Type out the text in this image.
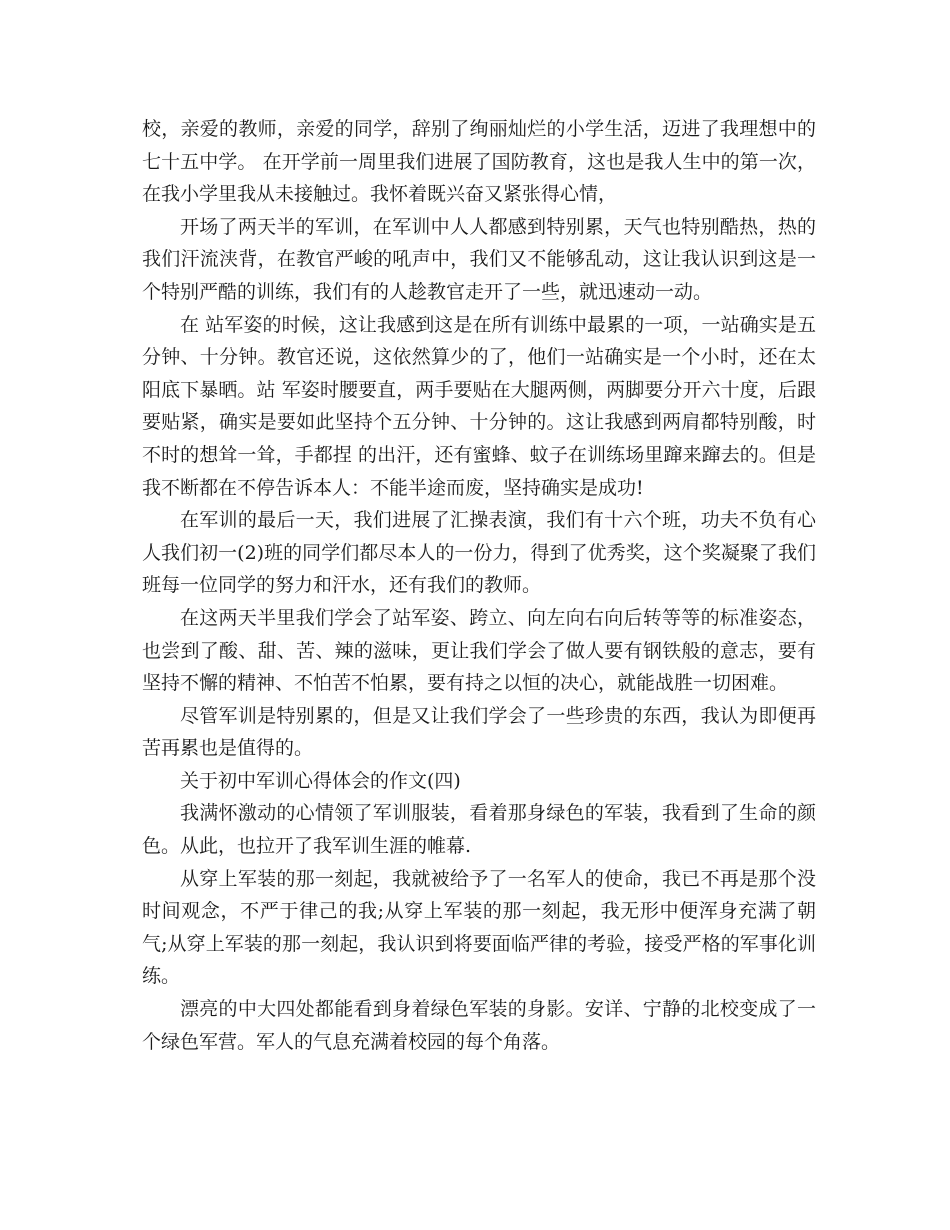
校，亲爱的教师，亲爱的同学，辞别了绚丽灿烂的小学生活，迈进了我理想中的七十五中学。 在开学前一周里我们进展了国防教育，这也是我人生中的第一次，在我小学里我从未接触过。我怀着既兴奋又紧张得心情，

开场了两天半的军训，在军训中人人都感到特别累，天气也特别酷热，热的我们汗流浃背，在教官严峻的吼声中，我们又不能够乱动，这让我认识到这是一个特别严酷的训练，我们有的人趁教官走开了一些，就迅速动一动。

在 站军姿的时候，这让我感到这是在所有训练中最累的一项，一站确实是五分钟、十分钟。教官还说，这依然算少的了，他们一站确实是一个小时，还在太阳底下暴晒。站 军姿时腰要直，两手要贴在大腿两侧，两脚要分开六十度，后跟要贴紧，确实是要如此坚持个五分钟、十分钟的。这让我感到两肩都特别酸，时不时的想耸一耸，手都捏 的出汗，还有蜜蜂、蚊子在训练场里蹿来蹿去的。但是我不断都在不停告诉本人：不能半途而废，坚持确实是成功!

在军训的最后一天，我们进展了汇操表演，我们有十六个班，功夫不负有心人我们初一(2)班的同学们都尽本人的一份力，得到了优秀奖，这个奖凝聚了我们班每一位同学的努力和汗水，还有我们的教师。

在这两天半里我们学会了站军姿、跨立、向左向右向后转等等的标准姿态，也尝到了酸、甜、苦、辣的滋味，更让我们学会了做人要有钢铁般的意志，要有坚持不懈的精神、不怕苦不怕累，要有持之以恒的决心，就能战胜一切困难。

尽管军训是特别累的，但是又让我们学会了一些珍贵的东西，我认为即便再苦再累也是值得的。

关于初中军训心得体会的作文(四)

我满怀激动的心情领了军训服装，看着那身绿色的军装，我看到了生命的颜色。从此，也拉开了我军训生涯的帷幕.

从穿上军装的那一刻起，我就被给予了一名军人的使命，我已不再是那个没时间观念，不严于律己的我;从穿上军装的那一刻起，我无形中便浑身充满了朝气;从穿上军装的那一刻起，我认识到将要面临严律的考验，接受严格的军事化训练。

漂亮的中大四处都能看到身着绿色军装的身影。安详、宁静的北校变成了一个绿色军营。军人的气息充满着校园的每个角落。
